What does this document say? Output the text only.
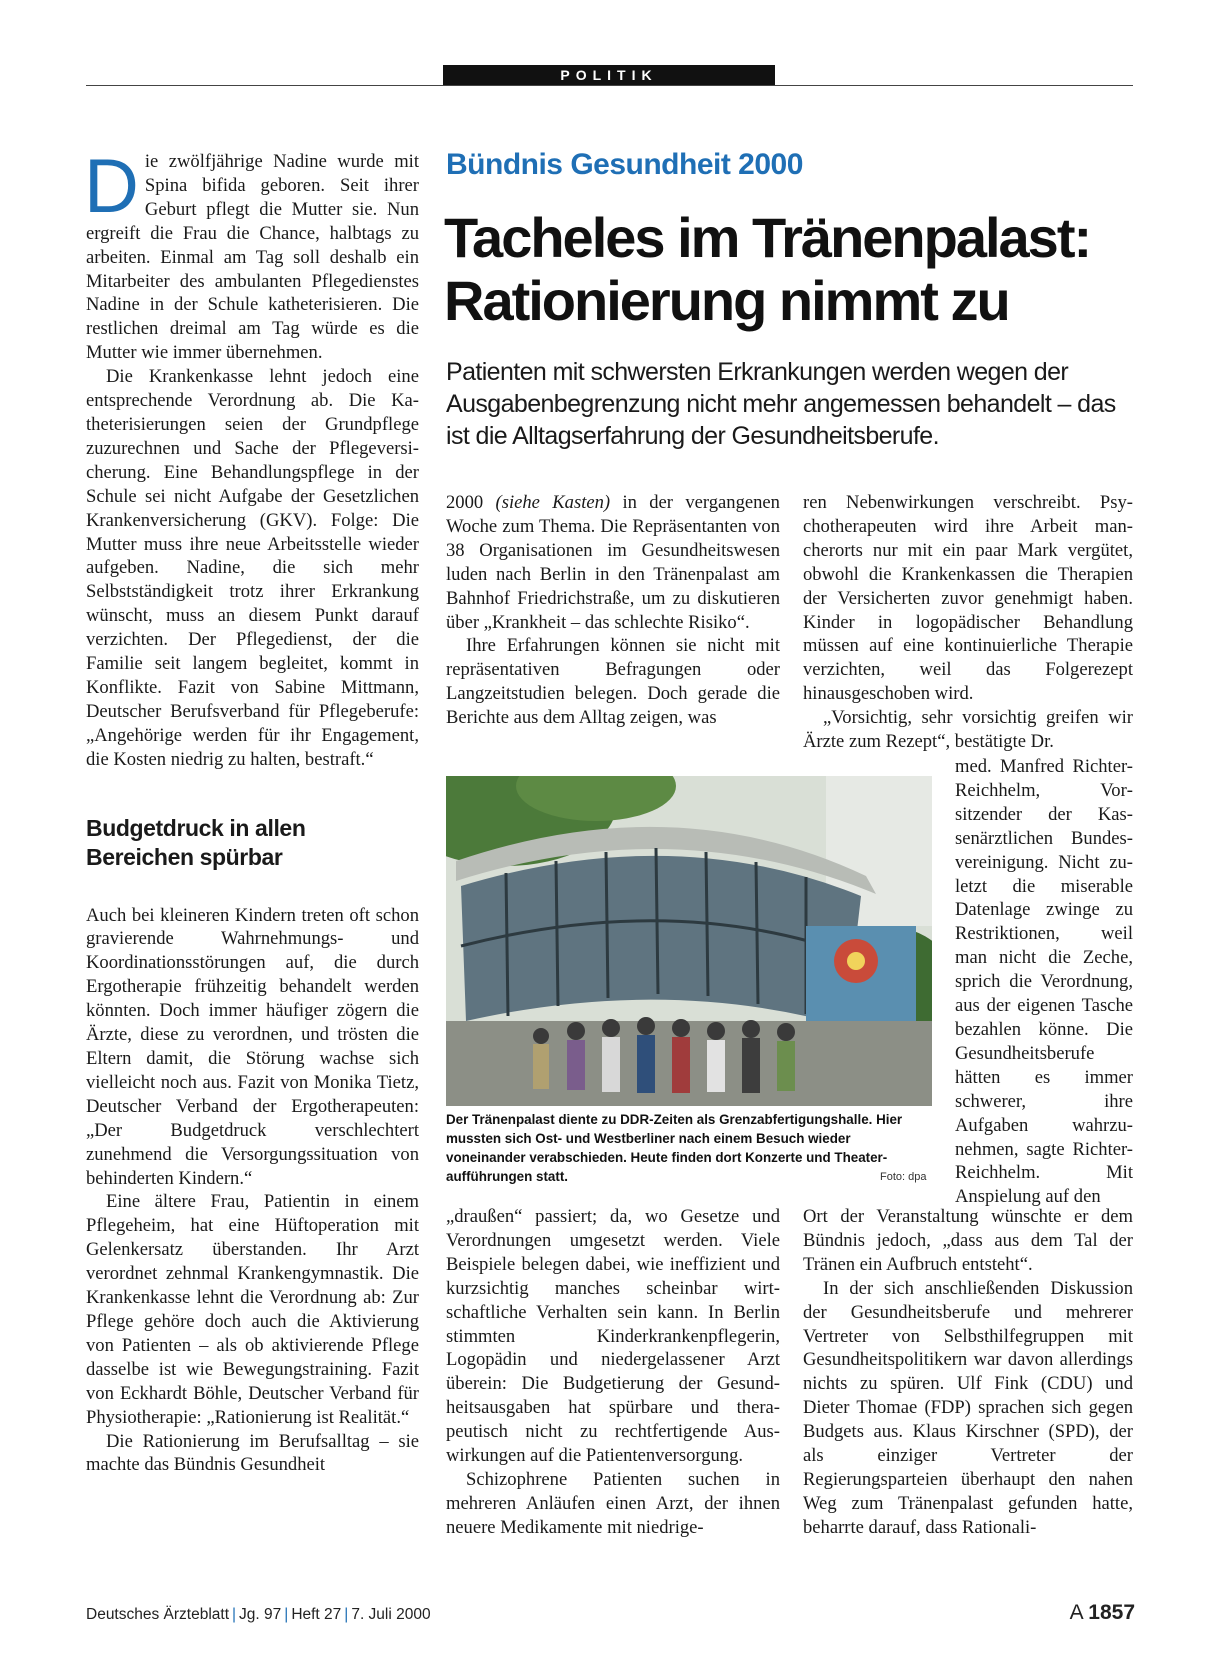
POLITIK

Die zwölfjährige Nadine wurde mit Spina bifida geboren. Seit ihrer Geburt pflegt die Mutter sie. Nun ergreift die Frau die Chance, halbtags zu arbeiten. Einmal am Tag soll deshalb ein Mitarbeiter des ambulanten Pflegedienstes Nadine in der Schule katheterisieren. Die restlichen dreimal am Tag würde es die Mutter wie immer übernehmen.

Die Krankenkasse lehnt jedoch eine entsprechende Verordnung ab. Die Katheterisierungen seien der Grundpflege zuzurechnen und Sache der Pflegeversicherung. Eine Behandlungspflege in der Schule sei nicht Aufgabe der Gesetzlichen Krankenversicherung (GKV). Folge: Die Mutter muss ihre neue Arbeitsstelle wieder aufgeben. Nadine, die sich mehr Selbstständigkeit trotz ihrer Erkrankung wünscht, muss an diesem Punkt darauf verzichten. Der Pflegedienst, der die Familie seit langem begleitet, kommt in Konflikte. Fazit von Sabine Mittmann, Deutscher Berufsverband für Pflegeberufe: „Angehörige werden für ihr Engagement, die Kosten niedrig zu halten, bestraft.“

Budgetdruck in allen Bereichen spürbar

Auch bei kleineren Kindern treten oft schon gravierende Wahrnehmungs- und Koordinationsstörungen auf, die durch Ergotherapie frühzeitig behandelt werden könnten. Doch immer häufiger zögern die Ärzte, diese zu verordnen, und trösten die Eltern damit, die Störung wachse sich vielleicht noch aus. Fazit von Monika Tietz, Deutscher Verband der Ergotherapeuten: „Der Budgetdruck verschlechtert zunehmend die Versorgungssituation von behinderten Kindern.“

Eine ältere Frau, Patientin in einem Pflegeheim, hat eine Hüftoperation mit Gelenkersatz überstanden. Ihr Arzt verordnet zehnmal Krankengymnastik. Die Krankenkasse lehnt die Verordnung ab: Zur Pflege gehöre doch auch die Aktivierung von Patienten – als ob aktivierende Pflege dasselbe ist wie Bewegungstraining. Fazit von Eckhardt Böhle, Deutscher Verband für Physiotherapie: „Rationierung ist Realität.“

Die Rationierung im Berufsalltag – sie machte das Bündnis Gesundheit

Bündnis Gesundheit 2000
Tacheles im Tränenpalast:
Rationierung nimmt zu
Patienten mit schwersten Erkrankungen werden wegen der Ausgabenbegrenzung nicht mehr angemessen behandelt – das ist die Alltagserfahrung der Gesundheitsberufe.

2000 (siehe Kasten) in der vergangenen Woche zum Thema. Die Repräsentanten von 38 Organisationen im Gesundheitswesen luden nach Berlin in den Tränenpalast am Bahnhof Friedrichstraße, um zu diskutieren über „Krankheit – das schlechte Risiko“.

Ihre Erfahrungen können sie nicht mit repräsentativen Befragungen oder Langzeitstudien belegen. Doch gerade die Berichte aus dem Alltag zeigen, was

Der Tränenpalast diente zu DDR-Zeiten als Grenzabfertigungshalle. Hier mussten sich Ost- und Westberliner nach einem Besuch wieder voneinander verabschieden. Heute finden dort Konzerte und Theateraufführungen statt.	Foto: dpa

„draußen“ passiert; da, wo Gesetze und Verordnungen umgesetzt werden. Viele Beispiele belegen dabei, wie ineffizient und kurzsichtig manches scheinbar wirtschaftliche Verhalten sein kann. In Berlin stimmten Kinderkrankenpflegerin, Logopädin und niedergelassener Arzt überein: Die Budgetierung der Gesundheitsausgaben hat spürbare und therapeutisch nicht zu rechtfertigende Auswirkungen auf die Patientenversorgung.

Schizophrene Patienten suchen in mehreren Anläufen einen Arzt, der ihnen neuere Medikamente mit niedrige-

ren Nebenwirkungen verschreibt. Psychotherapeuten wird ihre Arbeit mancherorts nur mit ein paar Mark vergütet, obwohl die Krankenkassen die Therapien der Versicherten zuvor genehmigt haben. Kinder in logopädischer Behandlung müssen auf eine kontinuierliche Therapie verzichten, weil das Folgerezept hinausgeschoben wird.

„Vorsichtig, sehr vorsichtig greifen wir Ärzte zum Rezept“, bestätigte Dr.

med. Manfred Richter-Reichhelm, Vorsitzender der Kassenärztlichen Bundesvereinigung. Nicht zuletzt die miserable Datenlage zwinge zu Restriktionen, weil man nicht die Zeche, sprich die Verordnung, aus der eigenen Tasche bezahlen könne. Die Gesundheitsberufe hätten es immer schwerer, ihre Aufgaben wahrzunehmen, sagte Richter-Reichhelm. Mit Anspielung auf den

Ort der Veranstaltung wünschte er dem Bündnis jedoch, „dass aus dem Tal der Tränen ein Aufbruch entsteht“.

In der sich anschließenden Diskussion der Gesundheitsberufe und mehrerer Vertreter von Selbsthilfegruppen mit Gesundheitspolitikern war davon allerdings nichts zu spüren. Ulf Fink (CDU) und Dieter Thomae (FDP) sprachen sich gegen Budgets aus. Klaus Kirschner (SPD), der als einziger Vertreter der Regierungsparteien überhaupt den nahen Weg zum Tränenpalast gefunden hatte, beharrte darauf, dass Rationali-

Deutsches Ärzteblatt | Jg. 97 | Heft 27 | 7. Juli 2000	A 1857
